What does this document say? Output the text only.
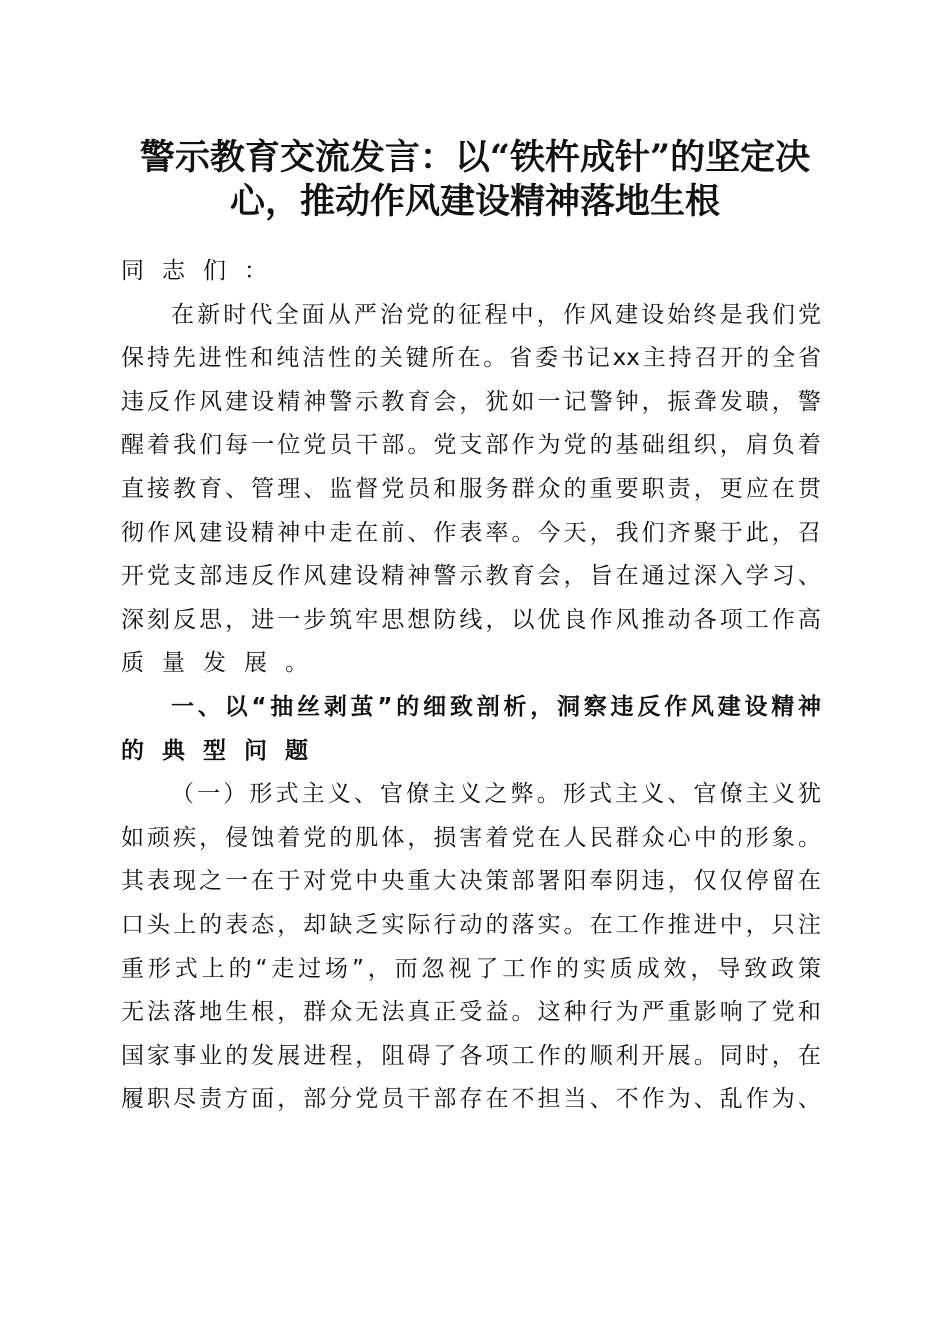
警示教育交流发言：以“铁杵成针”的坚定决
心，推动作风建设精神落地生根
同志们：
在 新 时 代 全 面 从 严 治 党 的 征 程 中 ， 作 风 建 设 始 终 是 我 们 党
保 持 先 进 性 和 纯 洁 性 的 关 键 所 在 。 省 委 书 记 xx 主 持 召 开 的 全 省
违 反 作 风 建 设 精 神 警 示 教 育 会 ， 犹 如 一 记 警 钟 ， 振 聋 发 聩 ， 警
醒 着 我 们 每 一 位 党 员 干 部 。 党 支 部 作 为 党 的 基 础 组 织 ， 肩 负 着
直 接 教 育 、 管 理 、 监 督 党 员 和 服 务 群 众 的 重 要 职 责 ， 更 应 在 贯
彻 作 风 建 设 精 神 中 走 在 前 、 作 表 率 。 今 天 ， 我 们 齐 聚 于 此 ， 召
开 党 支 部 违 反 作 风 建 设 精 神 警 示 教 育 会 ， 旨 在 通 过 深 入 学 习 、
深 刻 反 思 ， 进 一 步 筑 牢 思 想 防 线 ， 以 优 良 作 风 推 动 各 项 工 作 高
质量发展。
一 、 以 “ 抽 丝 剥 茧 ” 的 细 致 剖 析 ， 洞 察 违 反 作 风 建 设 精 神
的典型问题
（ 一 ） 形 式 主 义 、 官 僚 主 义 之 弊 。 形 式 主 义 、 官 僚 主 义 犹
如 顽 疾 ， 侵 蚀 着 党 的 肌 体 ， 损 害 着 党 在 人 民 群 众 心 中 的 形 象 。
其 表 现 之 一 在 于 对 党 中 央 重 大 决 策 部 署 阳 奉 阴 违 ， 仅 仅 停 留 在
口 头 上 的 表 态 ， 却 缺 乏 实 际 行 动 的 落 实 。 在 工 作 推 进 中 ， 只 注
重 形 式 上 的 “ 走 过 场 ” ， 而 忽 视 了 工 作 的 实 质 成 效 ， 导 致 政 策
无 法 落 地 生 根 ， 群 众 无 法 真 正 受 益 。 这 种 行 为 严 重 影 响 了 党 和
国 家 事 业 的 发 展 进 程 ， 阻 碍 了 各 项 工 作 的 顺 利 开 展 。 同 时 ， 在
履 职 尽 责 方 面 ， 部 分 党 员 干 部 存 在 不 担 当 、 不 作 为 、 乱 作 为 、
